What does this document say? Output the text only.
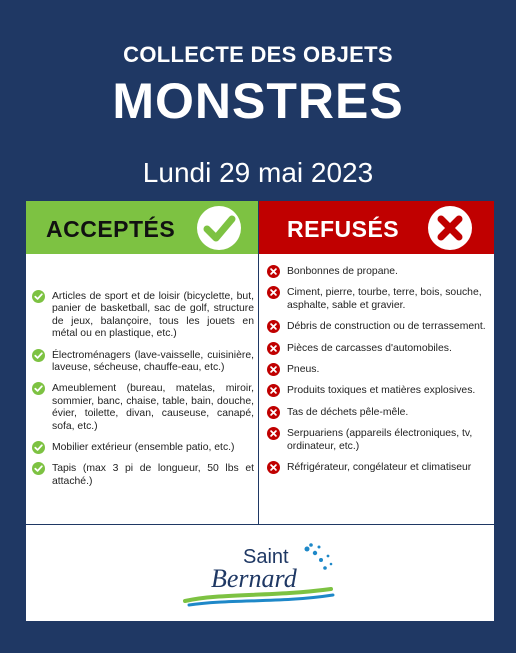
COLLECTE DES OBJETS
MONSTRES
Lundi 29 mai 2023
ACCEPTÉS	REFUSÉS
Articles de sport et de loisir (bicyclette, but, panier de basketball, sac de golf, structure de jeux, balançoire, tous les jouets en métal ou en plastique, etc.)
Électroménagers (lave-vaisselle, cuisinière, laveuse, sécheuse, chauffe-eau, etc.)
Ameublement (bureau, matelas, miroir, sommier, banc, chaise, table, bain, douche, évier, toilette, divan, causeuse, canapé, sofa, etc.)
Mobilier extérieur (ensemble patio, etc.)
Tapis (max 3 pi de longueur, 50 lbs et attaché.)
Bonbonnes de propane.
Ciment, pierre, tourbe, terre, bois, souche, asphalte, sable et gravier.
Débris de construction ou de terrassement.
Pièces de carcasses d'automobiles.
Pneus.
Produits toxiques et matières explosives.
Tas de déchets pêle-mêle.
Serpuariens (appareils électroniques, tv, ordinateur, etc.)
Réfrigérateur, congélateur et climatiseur
Saint
Bernard
